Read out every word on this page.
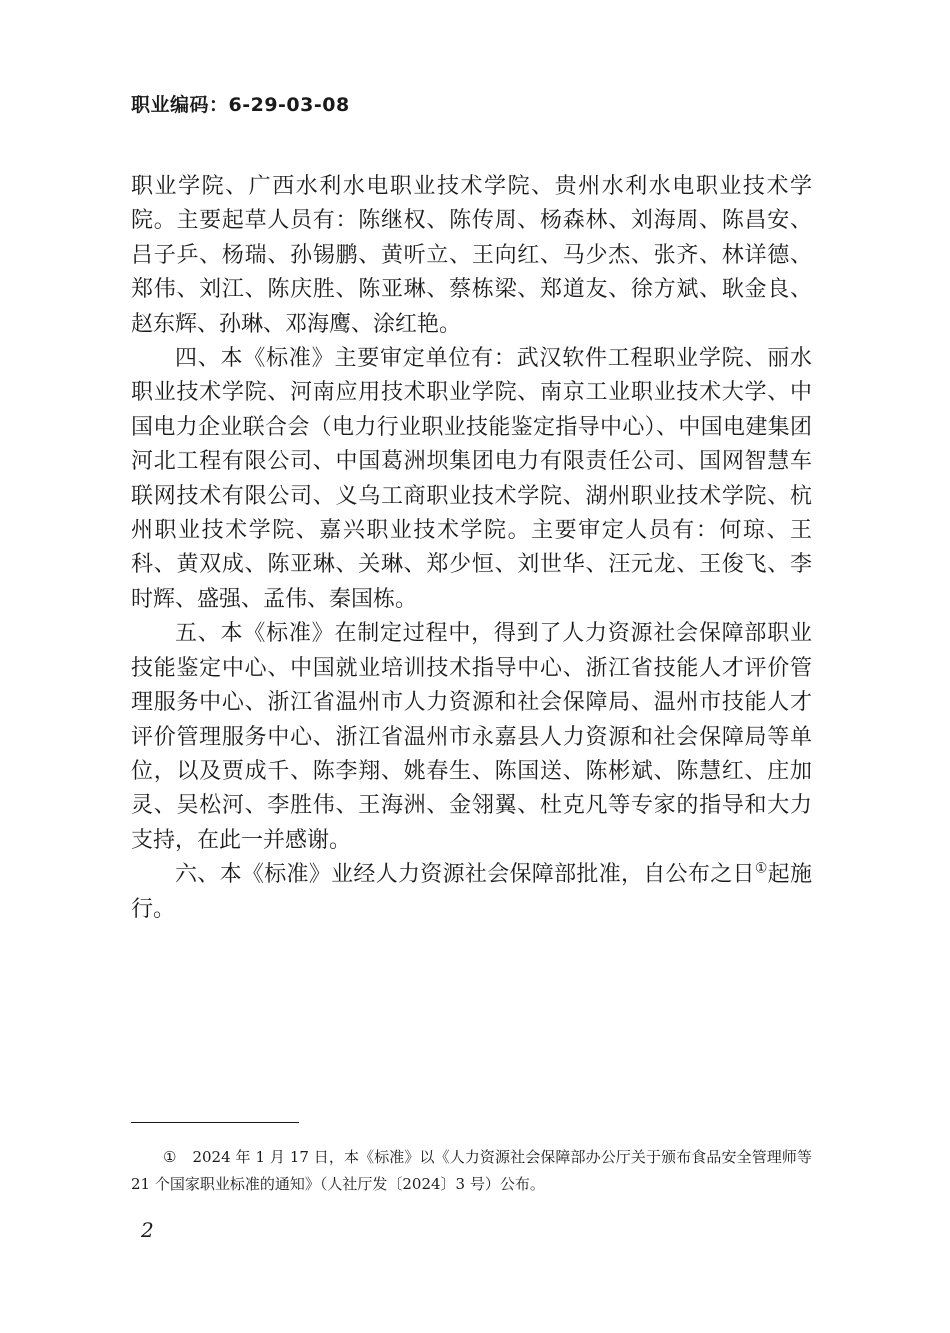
职业编码：6-29-03-08

职业学院、广西水利水电职业技术学院、贵州水利水电职业技术学院。主要起草人员有：陈继权、陈传周、杨森林、刘海周、陈昌安、吕子乒、杨瑞、孙锡鹏、黄听立、王向红、马少杰、张齐、林详德、郑伟、刘江、陈庆胜、陈亚琳、蔡栋梁、郑道友、徐方斌、耿金良、赵东辉、孙琳、邓海鹰、涂红艳。

四、本《标准》主要审定单位有：武汉软件工程职业学院、丽水职业技术学院、河南应用技术职业学院、南京工业职业技术大学、中国电力企业联合会（电力行业职业技能鉴定指导中心）、中国电建集团河北工程有限公司、中国葛洲坝集团电力有限责任公司、国网智慧车联网技术有限公司、义乌工商职业技术学院、湖州职业技术学院、杭州职业技术学院、嘉兴职业技术学院。主要审定人员有：何琼、王科、黄双成、陈亚琳、关琳、郑少恒、刘世华、汪元龙、王俊飞、李时辉、盛强、孟伟、秦国栋。

五、本《标准》在制定过程中，得到了人力资源社会保障部职业技能鉴定中心、中国就业培训技术指导中心、浙江省技能人才评价管理服务中心、浙江省温州市人力资源和社会保障局、温州市技能人才评价管理服务中心、浙江省温州市永嘉县人力资源和社会保障局等单位，以及贾成千、陈李翔、姚春生、陈国送、陈彬斌、陈慧红、庄加灵、吴松河、李胜伟、王海洲、金翎翼、杜克凡等专家的指导和大力支持，在此一并感谢。

六、本《标准》业经人力资源社会保障部批准，自公布之日①起施行。

① 2024 年 1 月 17 日，本《标准》以《人力资源社会保障部办公厅关于颁布食品安全管理师等 21 个国家职业标准的通知》（人社厅发〔2024〕3 号）公布。
2
